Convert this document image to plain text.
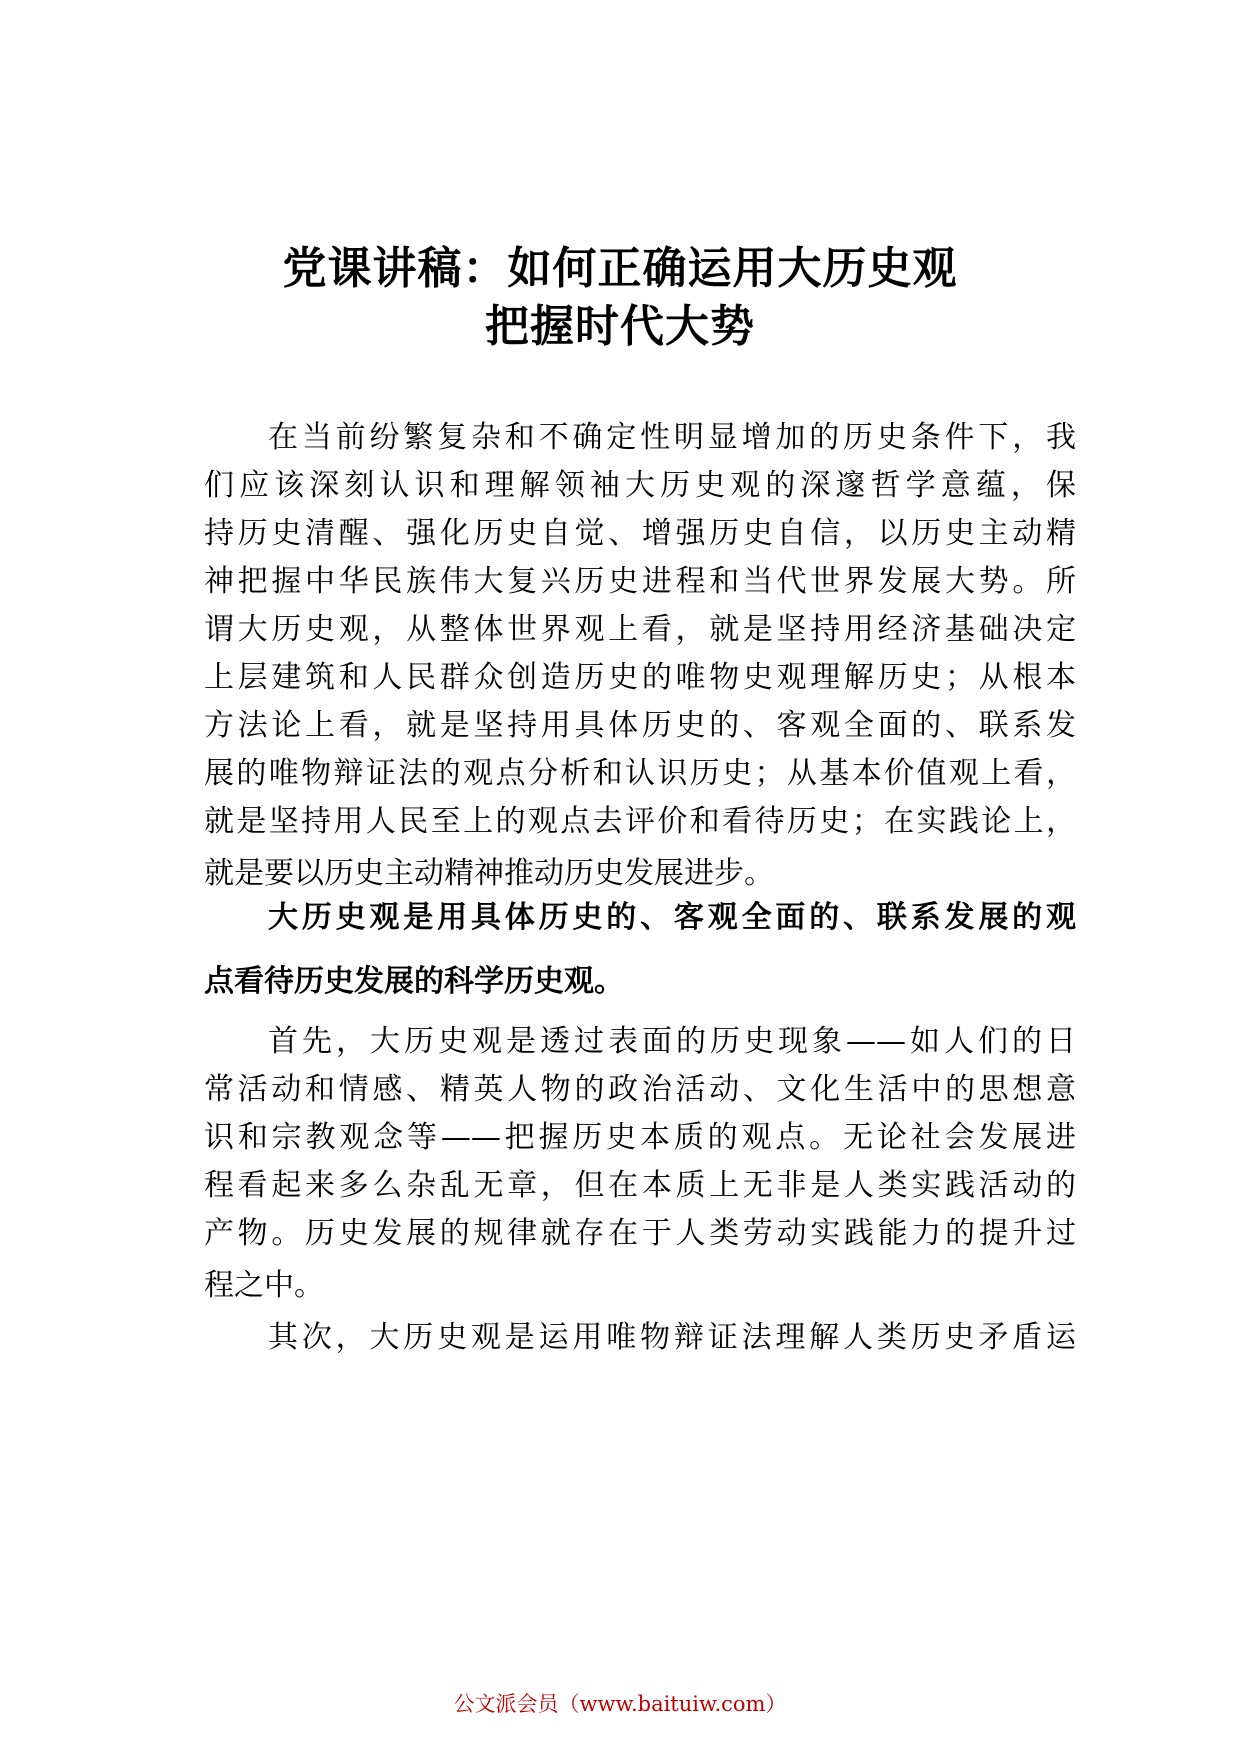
党课讲稿：如何正确运用大历史观
把握时代大势
在当前纷繁复杂和不确定性明显增加的历史条件下，我
们应该深刻认识和理解领袖大历史观的深邃哲学意蕴，保
持历史清醒、强化历史自觉、增强历史自信，以历史主动精
神把握中华民族伟大复兴历史进程和当代世界发展大势。所
谓大历史观，从整体世界观上看，就是坚持用经济基础决定
上层建筑和人民群众创造历史的唯物史观理解历史；从根本
方法论上看，就是坚持用具体历史的、客观全面的、联系发
展的唯物辩证法的观点分析和认识历史；从基本价值观上看，
就是坚持用人民至上的观点去评价和看待历史；在实践论上，
就是要以历史主动精神推动历史发展进步。
大历史观是用具体历史的、客观全面的、联系发展的观
点看待历史发展的科学历史观。
首先，大历史观是透过表面的历史现象——如人们的日
常活动和情感、精英人物的政治活动、文化生活中的思想意
识和宗教观念等——把握历史本质的观点。无论社会发展进
程看起来多么杂乱无章，但在本质上无非是人类实践活动的
产物。历史发展的规律就存在于人类劳动实践能力的提升过
程之中。
其次，大历史观是运用唯物辩证法理解人类历史矛盾运
公文派会员（www.baituiw.com）
